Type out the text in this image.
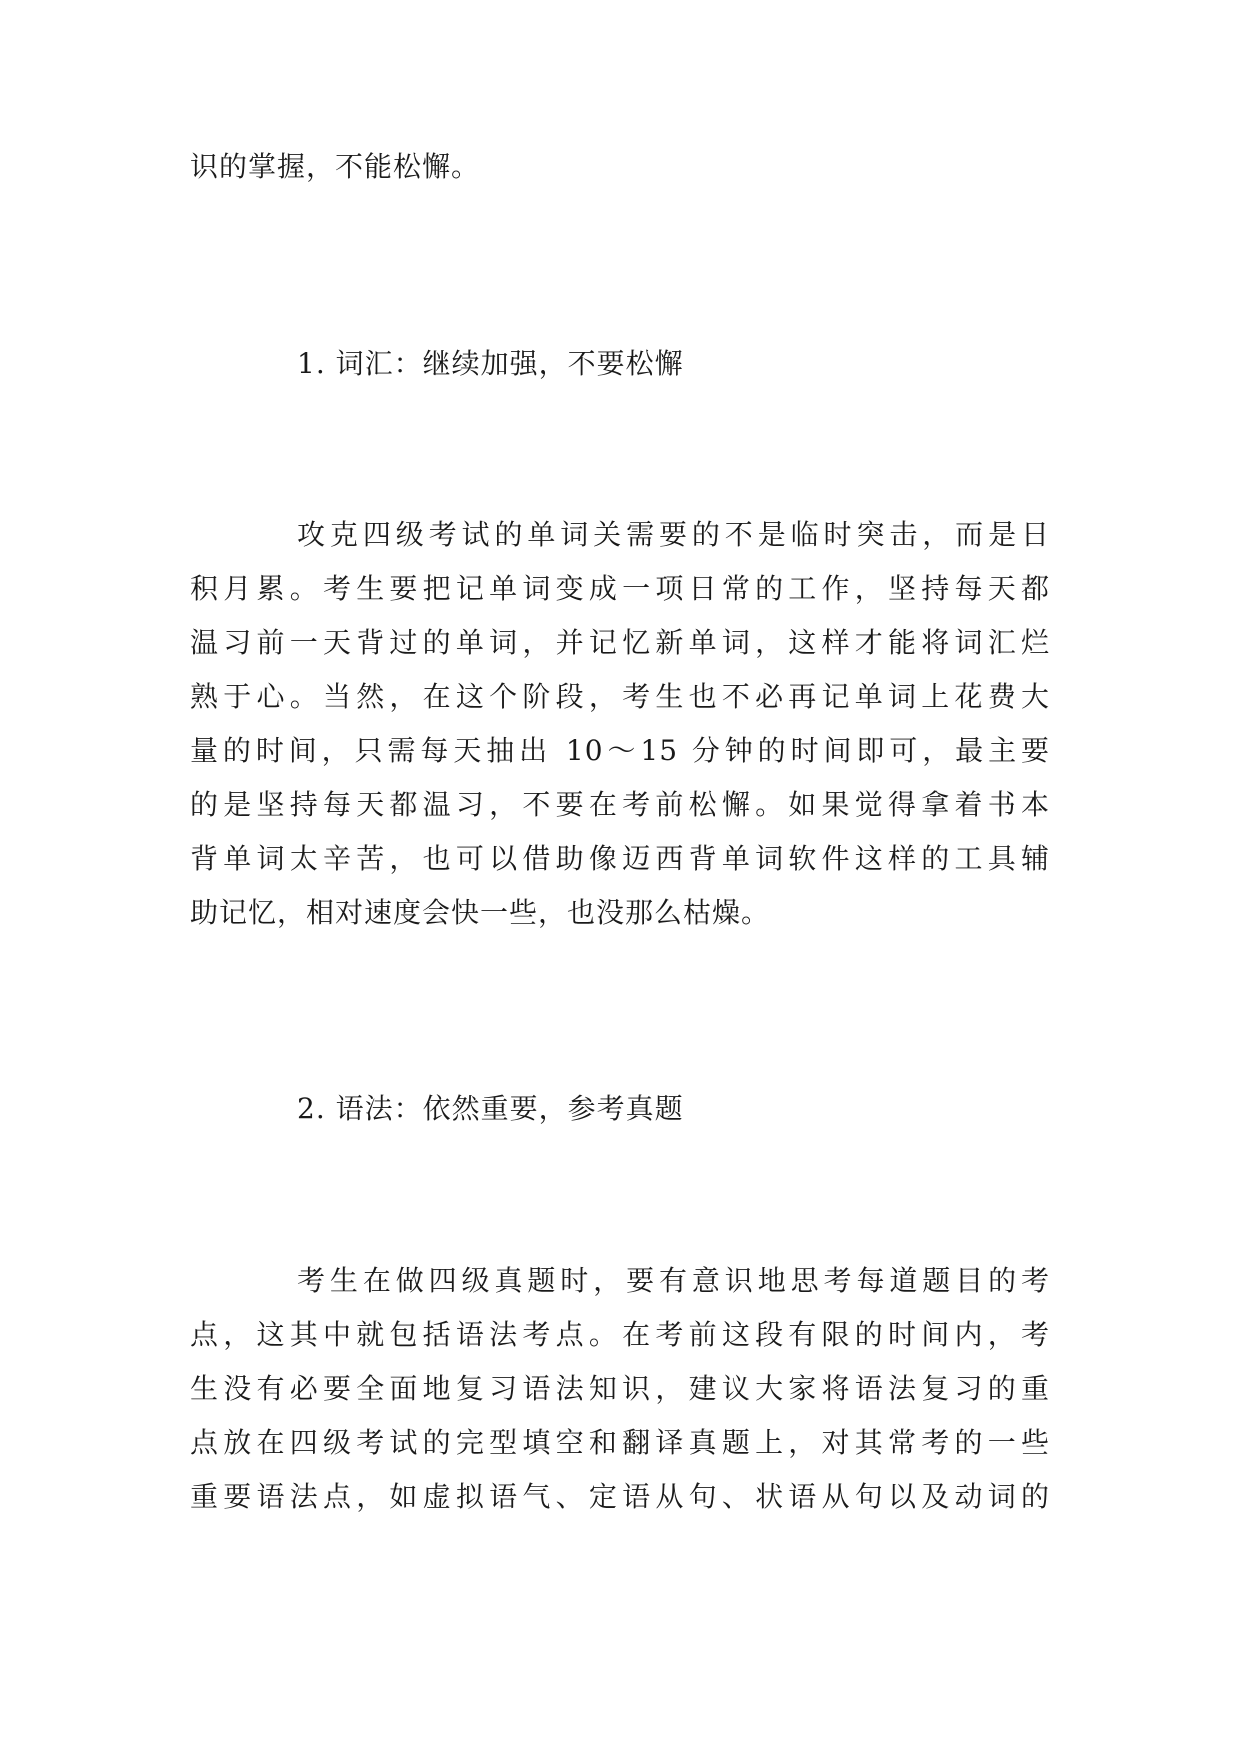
识的掌握，不能松懈。
1. 词汇：继续加强，不要松懈
攻克四级考试的单词关需要的不是临时突击，而是日
积月累。考生要把记单词变成一项日常的工作，坚持每天都
温习前一天背过的单词，并记忆新单词，这样才能将词汇烂
熟于心。当然，在这个阶段，考生也不必再记单词上花费大
量的时间，只需每天抽出 10～15 分钟的时间即可，最主要
的是坚持每天都温习，不要在考前松懈。如果觉得拿着书本
背单词太辛苦，也可以借助像迈西背单词软件这样的工具辅
助记忆，相对速度会快一些，也没那么枯燥。
2. 语法：依然重要，参考真题
考生在做四级真题时，要有意识地思考每道题目的考
点，这其中就包括语法考点。在考前这段有限的时间内，考
生没有必要全面地复习语法知识，建议大家将语法复习的重
点放在四级考试的完型填空和翻译真题上，对其常考的一些
重要语法点，如虚拟语气、定语从句、状语从句以及动词的
